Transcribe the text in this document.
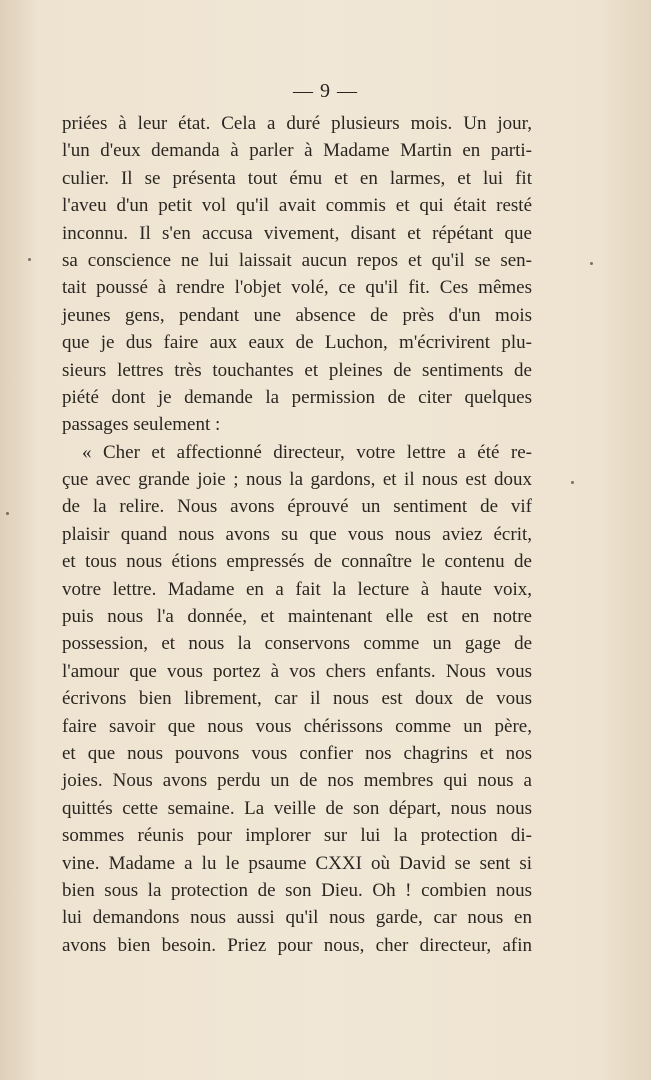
— 9 —
priées à leur état. Cela a duré plusieurs mois. Un jour,
l'un d'eux demanda à parler à Madame Martin en parti-
culier. Il se présenta tout ému et en larmes, et lui fit
l'aveu d'un petit vol qu'il avait commis et qui était resté
inconnu. Il s'en accusa vivement, disant et répétant que
sa conscience ne lui laissait aucun repos et qu'il se sen-
tait poussé à rendre l'objet volé, ce qu'il fit. Ces mêmes
jeunes gens, pendant une absence de près d'un mois
que je dus faire aux eaux de Luchon, m'écrivirent plu-
sieurs lettres très touchantes et pleines de sentiments de
piété dont je demande la permission de citer quelques
passages seulement :
« Cher et affectionné directeur, votre lettre a été re-
çue avec grande joie ; nous la gardons, et il nous est doux
de la relire. Nous avons éprouvé un sentiment de vif
plaisir quand nous avons su que vous nous aviez écrit,
et tous nous étions empressés de connaître le contenu de
votre lettre. Madame en a fait la lecture à haute voix,
puis nous l'a donnée, et maintenant elle est en notre
possession, et nous la conservons comme un gage de
l'amour que vous portez à vos chers enfants. Nous vous
écrivons bien librement, car il nous est doux de vous
faire savoir que nous vous chérissons comme un père,
et que nous pouvons vous confier nos chagrins et nos
joies. Nous avons perdu un de nos membres qui nous a
quittés cette semaine. La veille de son départ, nous nous
sommes réunis pour implorer sur lui la protection di-
vine. Madame a lu le psaume CXXI où David se sent si
bien sous la protection de son Dieu. Oh ! combien nous
lui demandons nous aussi qu'il nous garde, car nous en
avons bien besoin. Priez pour nous, cher directeur, afin
